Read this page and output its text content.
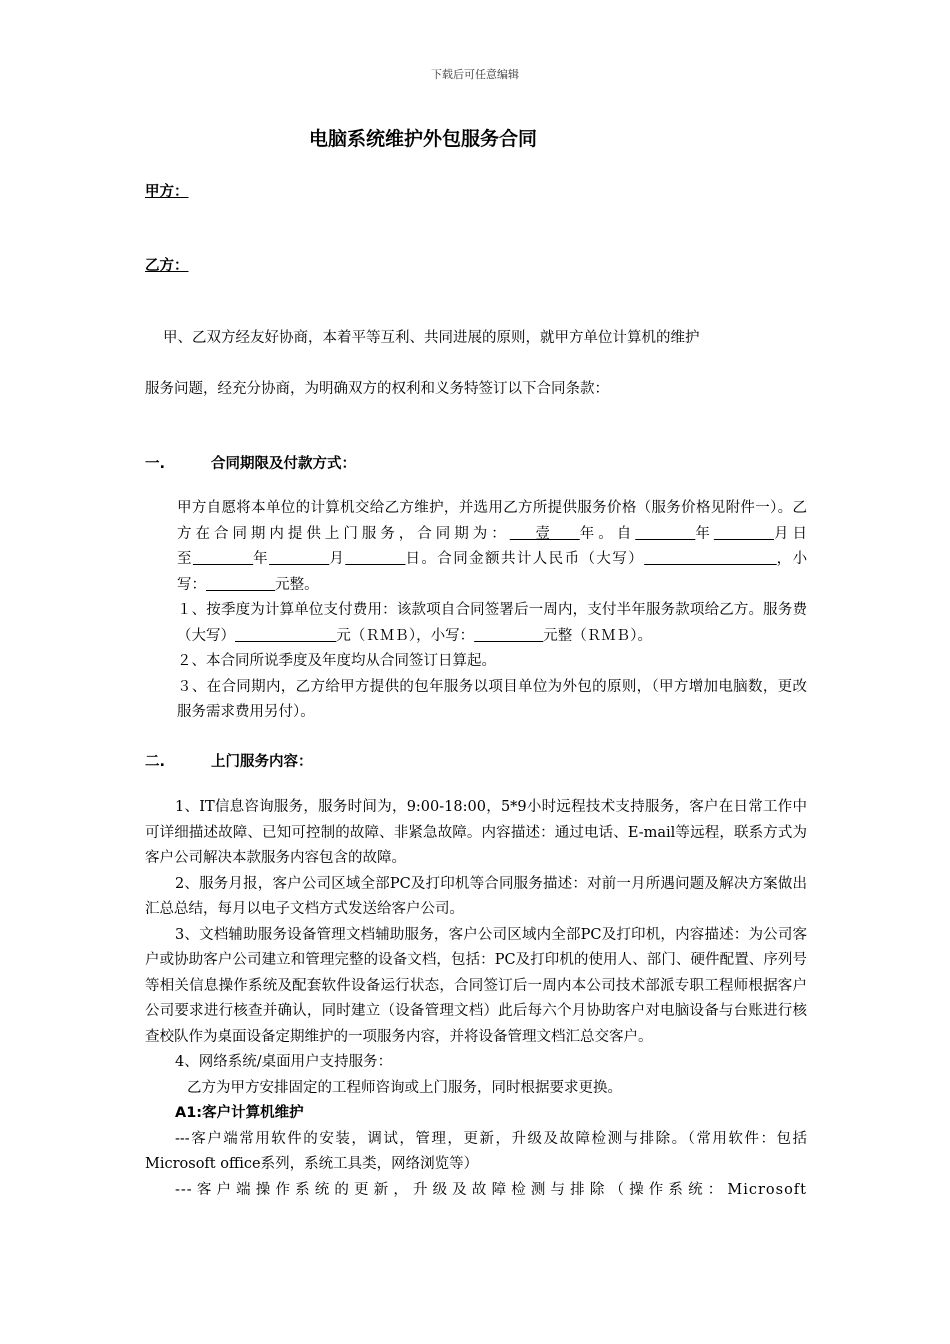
下载后可任意编辑
电脑系统维护外包服务合同
甲方：
乙方：
甲、乙双方经友好协商，本着平等互利、共同进展的原则，就甲方单位计算机的维护
服务问题，经充分协商，为明确双方的权利和义务特签订以下合同条款：
一.	合同期限及付款方式：

甲方自愿将本单位的计算机交给乙方维护，并选用乙方所提供服务价格（服务价格见附件一）。乙方在合同期内提供上门服务，合同期为： 壹 年。自	年	月日至	年	月	日。合同金额共计人民币（大写）	，小写：	元整。

１、按季度为计算单位支付费用：该款项自合同签署后一周内，支付半年服务款项给乙方。服务费（大写）	元（ＲＭＢ），小写：	元整（ＲＭＢ）。

２、本合同所说季度及年度均从合同签订日算起。

３、在合同期内，乙方给甲方提供的包年服务以项目单位为外包的原则，（甲方增加电脑数，更改服务需求费用另付）。

二.	上门服务内容：

1、IT信息咨询服务，服务时间为，9:00-18:00，5*9小时远程技术支持服务，客户在日常工作中可详细描述故障、已知可控制的故障、非紧急故障。内容描述：通过电话、E-mail等远程，联系方式为客户公司解决本款服务内容包含的故障。

2、服务月报，客户公司区域全部PC及打印机等合同服务描述：对前一月所遇问题及解决方案做出汇总总结，每月以电子文档方式发送给客户公司。

3、文档辅助服务设备管理文档辅助服务，客户公司区域内全部PC及打印机，内容描述：为公司客户或协助客户公司建立和管理完整的设备文档，包括：PC及打印机的使用人、部门、硬件配置、序列号等相关信息操作系统及配套软件设备运行状态，合同签订后一周内本公司技术部派专职工程师根据客户公司要求进行核查并确认，同时建立（设备管理文档）此后每六个月协助客户对电脑设备与台账进行核查校队作为桌面设备定期维护的一项服务内容，并将设备管理文档汇总交客户。

4、网络系统/桌面用户支持服务：

乙方为甲方安排固定的工程师咨询或上门服务，同时根据要求更换。

A1:客户计算机维护

---客户端常用软件的安装，调试，管理，更新，升级及故障检测与排除。（常用软件：包括Microsoft office系列，系统工具类，网络浏览等）

---客户端操作系统的更新，升级及故障检测与排除（操作系统：Microsoft
